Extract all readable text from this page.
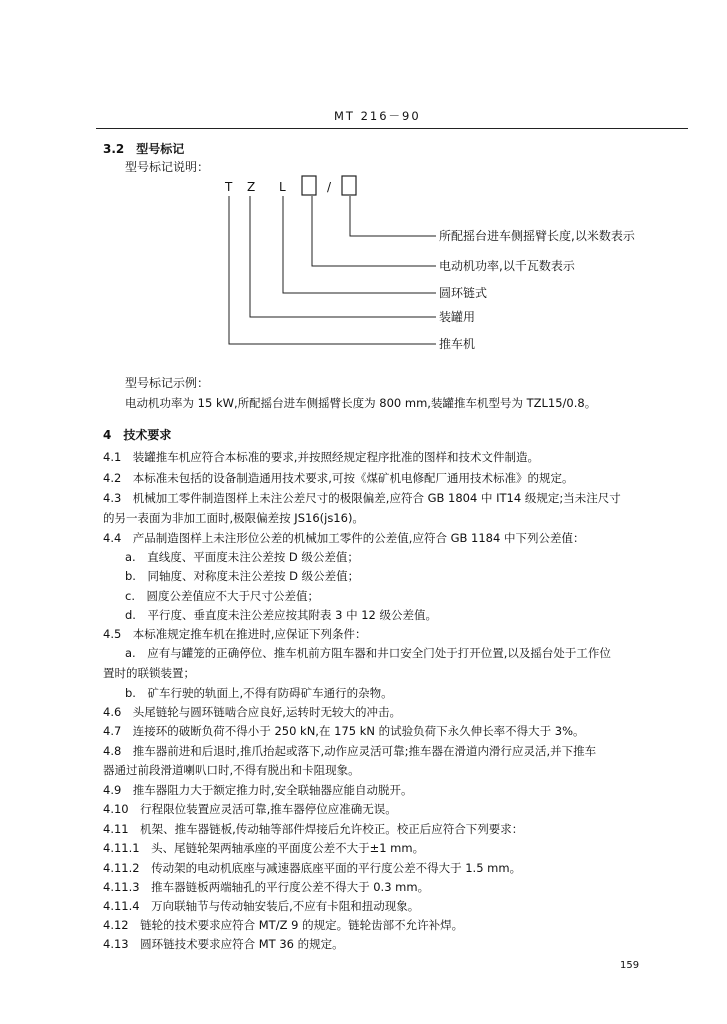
MT 216－90
3.2　型号标记
型号标记说明：
T Z L	/
所配摇台进车侧摇臂长度,以米数表示
电动机功率,以千瓦数表示
圆环链式
装罐用
推车机
型号标记示例：
电动机功率为 15 kW,所配摇台进车侧摇臂长度为 800 mm,装罐推车机型号为 TZL15/0.8。
4　技术要求
4.1　装罐推车机应符合本标准的要求,并按照经规定程序批准的图样和技术文件制造。
4.2　本标准未包括的设备制造通用技术要求,可按《煤矿机电修配厂通用技术标准》的规定。
4.3　机械加工零件制造图样上未注公差尺寸的极限偏差,应符合 GB 1804 中 IT14 级规定;当未注尺寸
的另一表面为非加工面时,极限偏差按 JS16(js16)。
4.4　产品制造图样上未注形位公差的机械加工零件的公差值,应符合 GB 1184 中下列公差值：
a.　直线度、平面度未注公差按 D 级公差值；
b.　同轴度、对称度未注公差按 D 级公差值；
c.　圆度公差值应不大于尺寸公差值；
d.　平行度、垂直度未注公差应按其附表 3 中 12 级公差值。
4.5　本标准规定推车机在推进时,应保证下列条件：
a.　应有与罐笼的正确停位、推车机前方阻车器和井口安全门处于打开位置,以及摇台处于工作位
置时的联锁装置；
b.　矿车行驶的轨面上,不得有防碍矿车通行的杂物。
4.6　头尾链轮与圆环链啮合应良好,运转时无较大的冲击。
4.7　连接环的破断负荷不得小于 250 kN,在 175 kN 的试验负荷下永久伸长率不得大于 3%。
4.8　推车器前进和后退时,推爪抬起或落下,动作应灵活可靠;推车器在滑道内滑行应灵活,并下推车
器通过前段滑道喇叭口时,不得有脱出和卡阻现象。
4.9　推车器阻力大于额定推力时,安全联轴器应能自动脱开。
4.10　行程限位装置应灵活可靠,推车器停位应准确无误。
4.11　机架、推车器链板,传动轴等部件焊接后允许校正。校正后应符合下列要求：
4.11.1　头、尾链轮架两轴承座的平面度公差不大于±1 mm。
4.11.2　传动架的电动机底座与减速器底座平面的平行度公差不得大于 1.5 mm。
4.11.3　推车器链板两端轴孔的平行度公差不得大于 0.3 mm。
4.11.4　万向联轴节与传动轴安装后,不应有卡阻和扭动现象。
4.12　链轮的技术要求应符合 MT/Z 9 的规定。链轮齿部不允许补焊。
4.13　圆环链技术要求应符合 MT 36 的规定。
159
